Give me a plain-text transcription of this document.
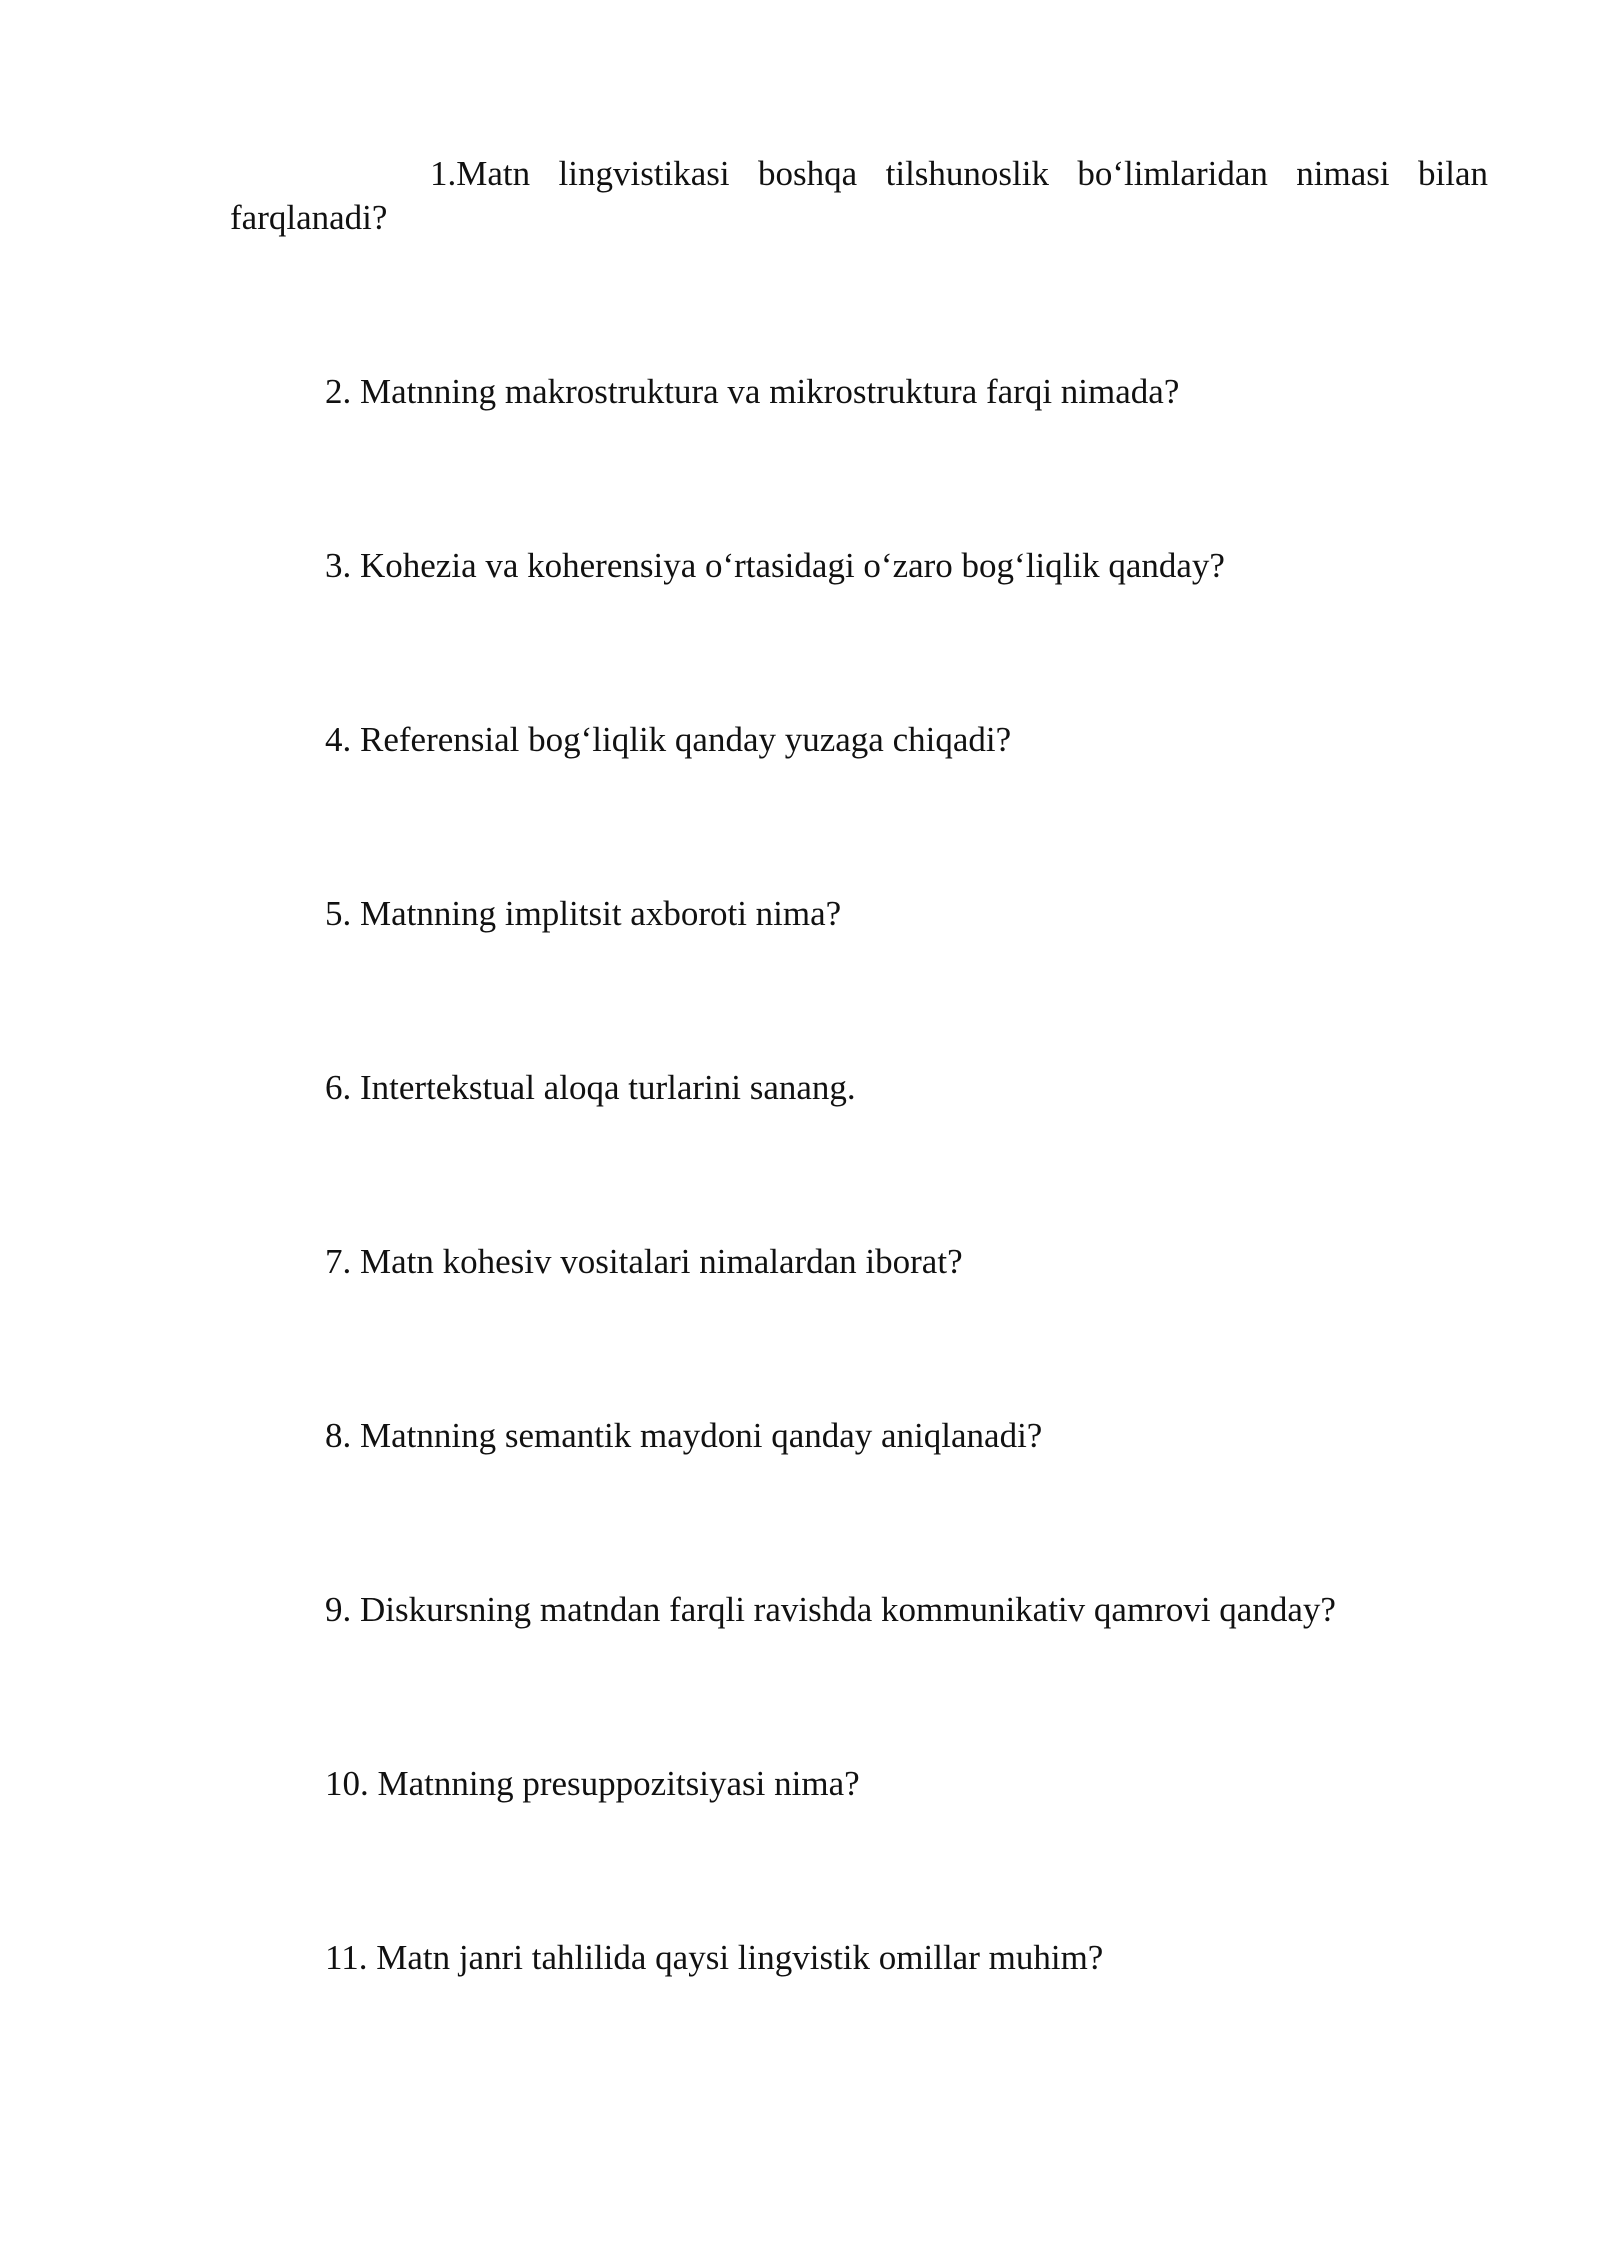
1.Matn lingvistikasi boshqa tilshunoslik bo‘limlaridan nimasi bilan farqlanadi?

2. Matnning makrostruktura va mikrostruktura farqi nimada?

3. Kohezia va koherensiya o‘rtasidagi o‘zaro bog‘liqlik qanday?

4. Referensial bog‘liqlik qanday yuzaga chiqadi?

5. Matnning implitsit axboroti nima?

6. Intertekstual aloqa turlarini sanang.

7. Matn kohesiv vositalari nimalardan iborat?

8. Matnning semantik maydoni qanday aniqlanadi?

9. Diskursning matndan farqli ravishda kommunikativ qamrovi qanday?

10. Matnning presuppozitsiyasi nima?

11. Matn janri tahlilida qaysi lingvistik omillar muhim?
